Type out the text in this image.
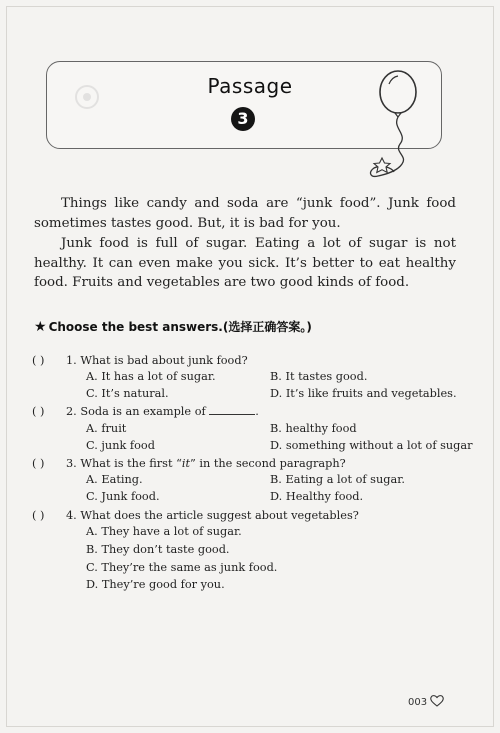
Passage
3

Things like candy and soda are “junk food”. Junk food sometimes tastes good. But, it is bad for you.

Junk food is full of sugar. Eating a lot of sugar is not healthy. It can even make you sick. It’s better to eat healthy food. Fruits and vegetables are two good kinds of food.

★ Choose the best answers.(选择正确答案。)
( ) 1. What is bad about junk food?
A. It has a lot of sugar.	B. It tastes good.
C. It’s natural.	D. It’s like fruits and vegetables.
( ) 2. Soda is an example of	.
A. fruit	B. healthy food
C. junk food	D. something without a lot of sugar
( ) 3. What is the first “it” in the second paragraph?
A. Eating.	B. Eating a lot of sugar.
C. Junk food.	D. Healthy food.
( ) 4. What does the article suggest about vegetables?
A. They have a lot of sugar.
B. They don’t taste good.
C. They’re the same as junk food.
D. They’re good for you.
003
